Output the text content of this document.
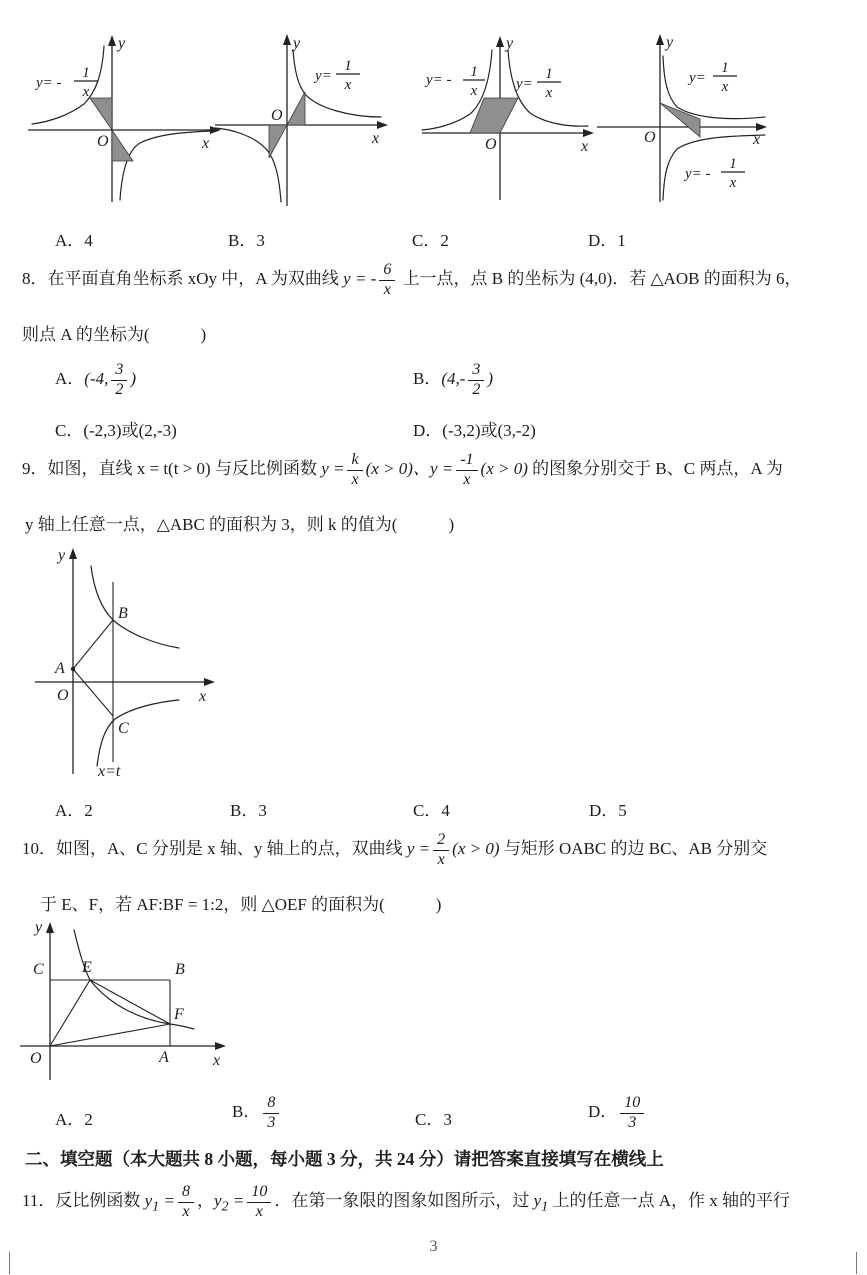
y
x
O
y= -
1
x
y
x
O
y=
1
x
y
x
O
y= - 1
x	y=
1
x
y
x
O
y=
1
x
y= -
1
x
A．4	B．3	C．2	D．1
8．在平面直角坐标系 xOy 中，A 为双曲线 y = - $\frac{6}{x}$ 上一点，点 B 的坐标为 (4,0)．若 △AOB 的面积为 6，
则点 A 的坐标为(　　　)
A．(-4, $\frac{3}{2}$ )	B．($4,- \frac{3}{2}$ )
C．(-2,3)或(2,-3)	D．(-3,2)或(3,-2)
9．如图，直线 x = t(t > 0) 与反比例函数 $y = \frac{k}{x} (x > 0)$、$y = \frac{-1}{x} (x > 0)$ 的图象分别交于 B、C 两点，A 为
y 轴上任意一点，△ABC 的面积为 3，则 k 的值为(　　　)
y
x
O
A
B
C
x=t
A．2	B．3	C．4	D．5
10．如图，A、C 分别是 x 轴、y 轴上的点，双曲线 $y = \frac{2}{x} (x > 0)$ 与矩形 OABC 的边 BC、AB 分别交
于 E、F，若 AF:BF = 1:2，则 △OEF 的面积为(　　　)
y
x
O
C E	B
F
A
A．2	B． $\frac{8}{3}$	C．3	D． $\frac{10}{3}$
二、填空题（本大题共 8 小题，每小题 3 分，共 24 分）请把答案直接填写在横线上
11．反比例函数 $y_1 = \frac{8}{x}$ ，$y_2 = \frac{10}{x}$ ．在第一象限的图象如图所示，过 $y_1$ 上的任意一点 A，作 x 轴的平行
3
